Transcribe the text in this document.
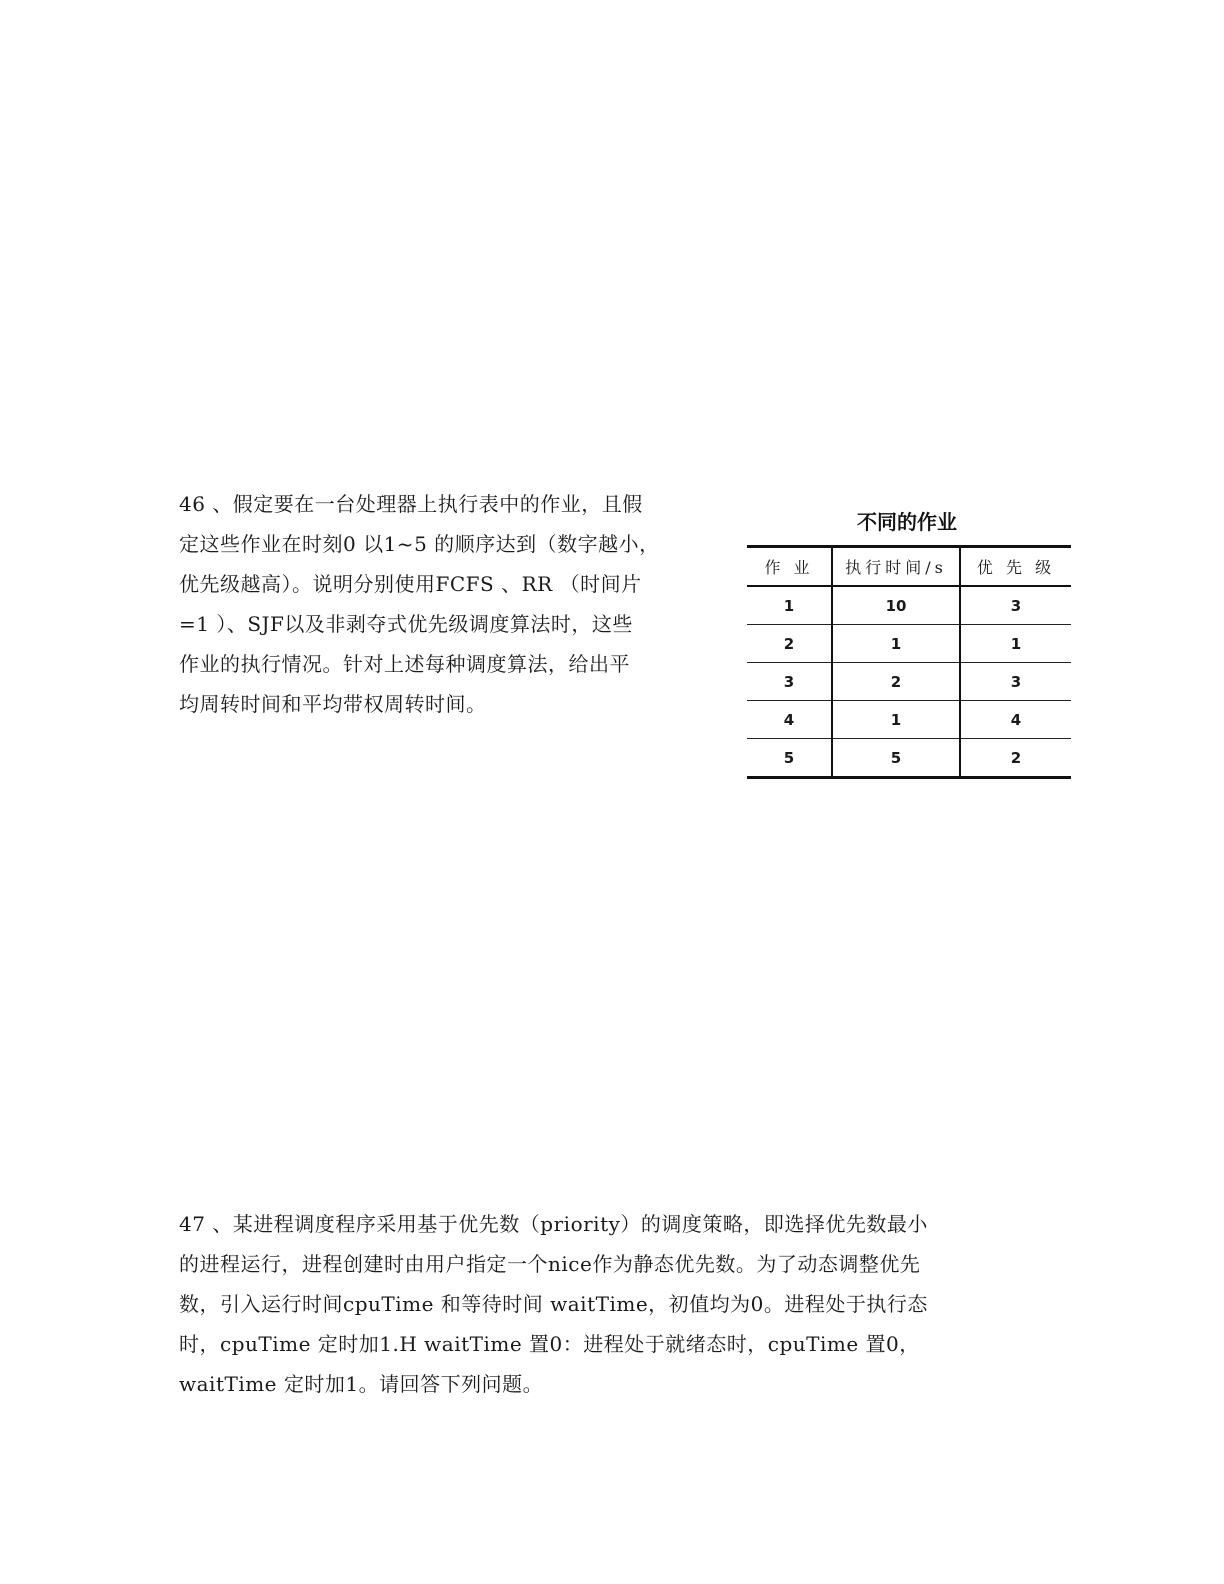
46 、假定要在一台处理器上执行表中的作业，且假
定这些作业在时刻0 以1~5 的顺序达到（数字越小，
优先级越高）。说明分别使用FCFS 、RR （时间片
=1 ）、SJF以及非剥夺式优先级调度算法时，这些
作业的执行情况。针对上述每种调度算法，给出平
均周转时间和平均带权周转时间。
不同的作业
作 业	执行时间/s	优 先 级
1	10	3
2	1	1
3	2	3
4	1	4
5	5	2
47 、某进程调度程序采用基于优先数（priority）的调度策略，即选择优先数最小
的进程运行，进程创建时由用户指定一个nice作为静态优先数。为了动态调整优先
数，引入运行时间cpuTime 和等待时间 waitTime，初值均为0。进程处于执行态
时，cpuTime 定时加1.H waitTime 置0：进程处于就绪态时，cpuTime 置0，
waitTime 定时加1。请回答下列问题。
